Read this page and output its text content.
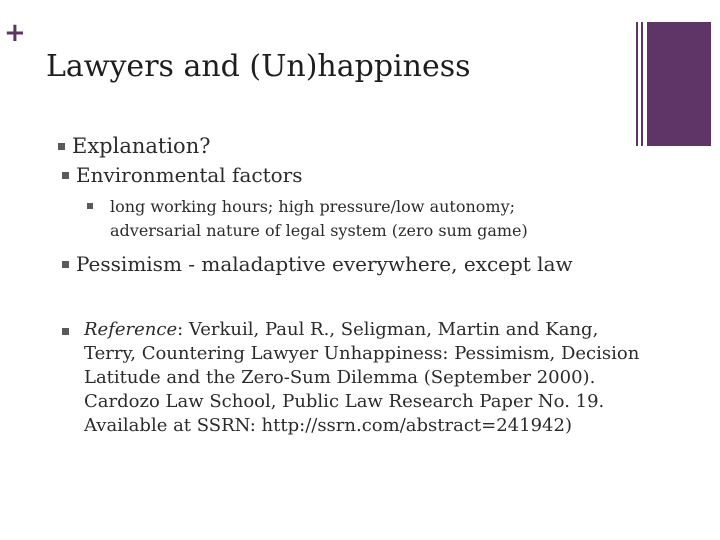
+
Lawyers and (Un)happiness
Explanation?
Environmental factors
long working hours; high pressure/low autonomy; adversarial nature of legal system (zero sum game)
Pessimism - maladaptive everywhere, except law
Reference: Verkuil, Paul R., Seligman, Martin and Kang, Terry, Countering Lawyer Unhappiness: Pessimism, Decision Latitude and the Zero-Sum Dilemma (September 2000). Cardozo Law School, Public Law Research Paper No. 19. Available at SSRN: http://ssrn.com/abstract=241942)
